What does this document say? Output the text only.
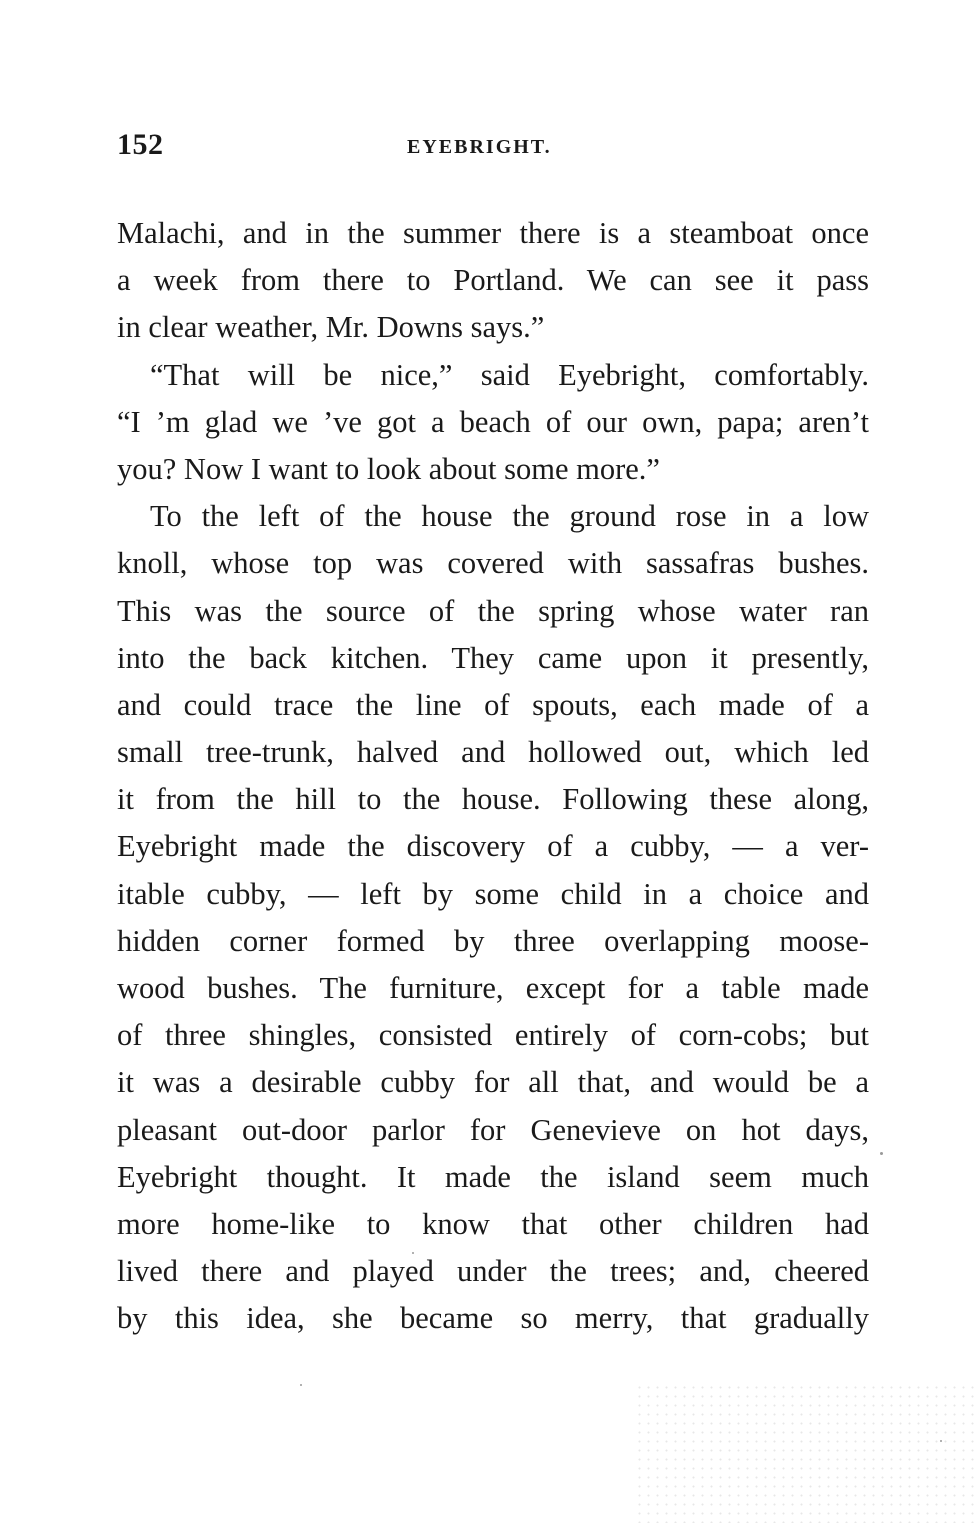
152	EYEBRIGHT.
Malachi, and in the summer there is a steamboat once
a week from there to Portland. We can see it pass
in clear weather, Mr. Downs says.”
“That will be nice,” said Eyebright, comfortably.
“I ’m glad we ’ve got a beach of our own, papa; aren’t
you? Now I want to look about some more.”
To the left of the house the ground rose in a low
knoll, whose top was covered with sassafras bushes.
This was the source of the spring whose water ran
into the back kitchen. They came upon it presently,
and could trace the line of spouts, each made of a
small tree-trunk, halved and hollowed out, which led
it from the hill to the house. Following these along,
Eyebright made the discovery of a cubby, — a ver-
itable cubby, — left by some child in a choice and
hidden corner formed by three overlapping moose-
wood bushes. The furniture, except for a table made
of three shingles, consisted entirely of corn-cobs; but
it was a desirable cubby for all that, and would be a
pleasant out-door parlor for Genevieve on hot days,
Eyebright thought. It made the island seem much
more home-like to know that other children had
lived there and played under the trees; and, cheered
by this idea, she became so merry, that gradually
